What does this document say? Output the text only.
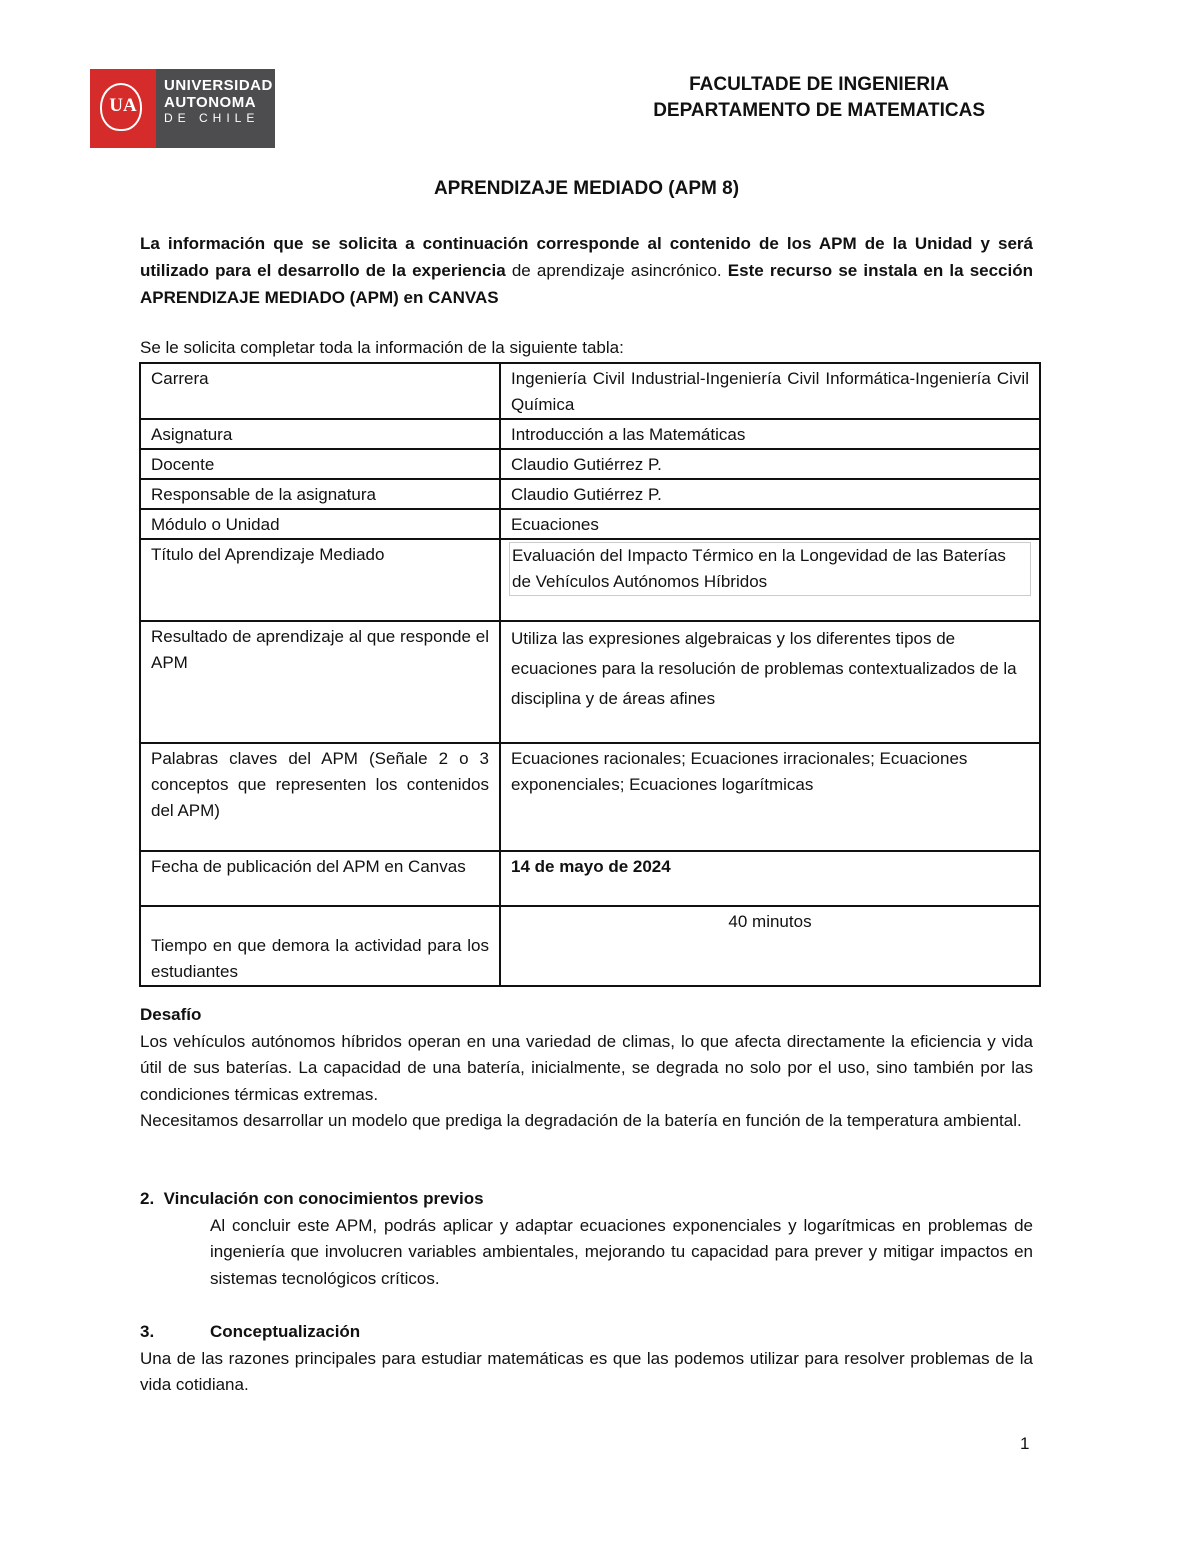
UA
UNIVERSIDAD
AUTONOMA
DE CHILE
FACULTADE DE INGENIERIA
DEPARTAMENTO DE MATEMATICAS
APRENDIZAJE MEDIADO (APM 8)
La información que se solicita a continuación corresponde al contenido de los APM de la Unidad y será utilizado para el desarrollo de la experiencia de aprendizaje asincrónico. Este recurso se instala en la sección APRENDIZAJE MEDIADO (APM) en CANVAS
Se le solicita completar toda la información de la siguiente tabla:
Carrera	Ingeniería Civil Industrial-Ingeniería Civil Informática-Ingeniería Civil Química
Asignatura	Introducción a las Matemáticas
Docente	Claudio Gutiérrez P.
Responsable de la asignatura	Claudio Gutiérrez P.
Módulo o Unidad	Ecuaciones
Título del Aprendizaje Mediado	Evaluación del Impacto Térmico en la Longevidad de las Baterías de Vehículos Autónomos Híbridos

Resultado de aprendizaje al que responde el APM	Utiliza las expresiones algebraicas y los diferentes tipos de ecuaciones para la resolución de problemas contextualizados de la disciplina y de áreas afines
Palabras claves del APM (Señale 2 o 3 conceptos que representen los contenidos del APM)	Ecuaciones racionales; Ecuaciones irracionales; Ecuaciones exponenciales; Ecuaciones logarítmicas
Fecha de publicación del APM en Canvas	14 de mayo de 2024
Tiempo en que demora la actividad para los estudiantes	40 minutos
Desafío
Los vehículos autónomos híbridos operan en una variedad de climas, lo que afecta directamente la eficiencia y vida útil de sus baterías. La capacidad de una batería, inicialmente, se degrada no solo por el uso, sino también por las condiciones térmicas extremas.
Necesitamos desarrollar un modelo que prediga la degradación de la batería en función de la temperatura ambiental.
2. Vinculación con conocimientos previos
Al concluir este APM, podrás aplicar y adaptar ecuaciones exponenciales y logarítmicas en problemas de ingeniería que involucren variables ambientales, mejorando tu capacidad para prever y mitigar impactos en sistemas tecnológicos críticos.
3.	Conceptualización
Una de las razones principales para estudiar matemáticas es que las podemos utilizar para resolver problemas de la vida cotidiana.
1
